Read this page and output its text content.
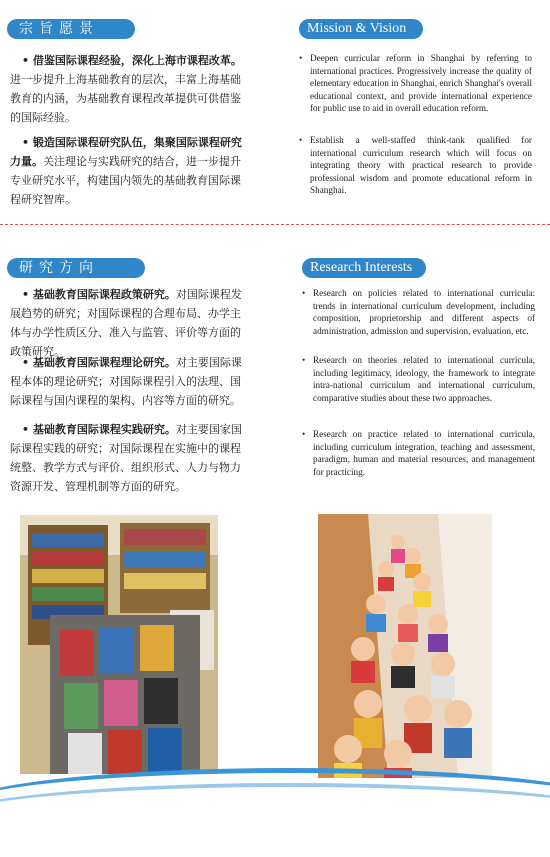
宗旨愿景	Mission & Vision
• 借鉴国际课程经验，深化上海市课程改革。进一步提升上海基础教育的层次，丰富上海基础教育的内涵，为基础教育课程改革提供可供借鉴的国际经验。
• 锻造国际课程研究队伍，集聚国际课程研究力量。关注理论与实践研究的结合，进一步提升专业研究水平，构建国内领先的基础教育国际课程研究智库。
• Deepen curricular reform in Shanghai by referring to international practices. Progressively increase the quality of elementary education in Shanghai, enrich Shanghai's overall educational context, and provide international experience for public use to aid in overall education reform.
• Establish a well-staffed think-tank qualified for international curriculum research which will focus on integrating theory with practical research to provide professional wisdom and promote educational reform in Shanghai.
研究方向	Research Interests
• 基础教育国际课程政策研究。对国际课程发展趋势的研究；对国际课程的合理布局、办学主体与办学性质区分、准入与监管、评价等方面的政策研究。
• 基础教育国际课程理论研究。对主要国际课程本体的理论研究；对国际课程引入的法理、国际课程与国内课程的架构、内容等方面的研究。
• 基础教育国际课程实践研究。对主要国家国际课程实践的研究；对国际课程在实施中的课程统整、教学方式与评价、组织形式、人力与物力资源开发、管理机制等方面的研究。
• Research on policies related to international curricula: trends in international curriculum development, including composition, proprietorship and different aspects of administration, admission and supervision, evaluation, etc.
• Research on theories related to international curricula, including legitimacy, ideology, the framework to integrate intra-national curriculum and international curriculum, comparative studies about these two approaches.
• Research on practice related to international curricula, including curriculum integration, teaching and assessment, paradigm, human and material resources, and management for practicing.
